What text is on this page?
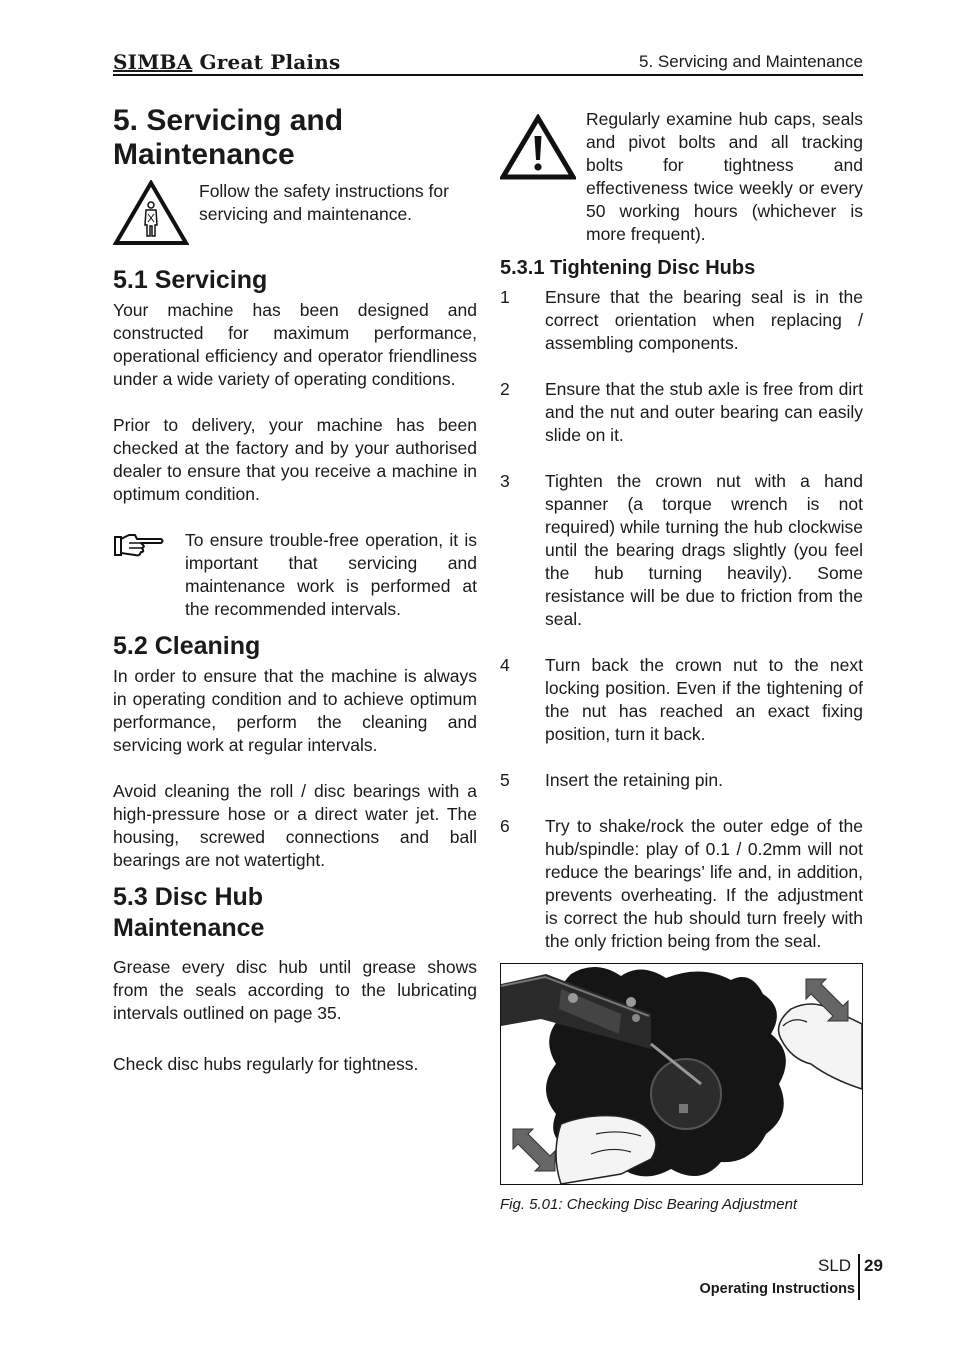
SIMBA Great Plains	5. Servicing and Maintenance
5. Servicing and
Maintenance

Follow the safety instructions for servicing and maintenance.

5.1 Servicing

Your machine has been designed and constructed for maximum performance, operational efficiency and operator friendliness under a wide variety of operating conditions.

Prior to delivery, your machine has been checked at the factory and by your authorised dealer to ensure that you receive a machine in optimum condition.

To ensure trouble-free operation, it is important that servicing and maintenance work is performed at the recommended intervals.

5.2 Cleaning

In order to ensure that the machine is always in operating condition and to achieve optimum performance, perform the cleaning and servicing work at regular intervals.

Avoid cleaning the roll / disc bearings with a high-pressure hose or a direct water jet. The housing, screwed connections and ball bearings are not watertight.

5.3 Disc Hub
Maintenance

Grease every disc hub until grease shows from the seals according to the lubricating intervals outlined on page 35.

Check disc hubs regularly for tightness.

Regularly examine hub caps, seals and pivot bolts and all tracking bolts for tightness and effectiveness twice weekly or every 50 working hours (whichever is more frequent).

5.3.1 Tightening Disc Hubs
1	Ensure that the bearing seal is in the correct orientation when replacing / assembling components.

2	Ensure that the stub axle is free from dirt and the nut and outer bearing can easily slide on it.

3	Tighten the crown nut with a hand spanner (a torque wrench is not required) while turning the hub clockwise until the bearing drags slightly (you feel the hub turning heavily). Some resistance will be due to friction from the seal.

4	Turn back the crown nut to the next locking position. Even if the tightening of the nut has reached an exact fixing position, turn it back.

5	Insert the retaining pin.

6	Try to shake/rock the outer edge of the hub/spindle: play of 0.1 / 0.2mm will not reduce the bearings’ life and, in addition, prevents overheating. If the adjustment is correct the hub should turn freely with the only friction being from the seal.

Fig. 5.01: Checking Disc Bearing Adjustment
SLD 29
Operating Instructions
